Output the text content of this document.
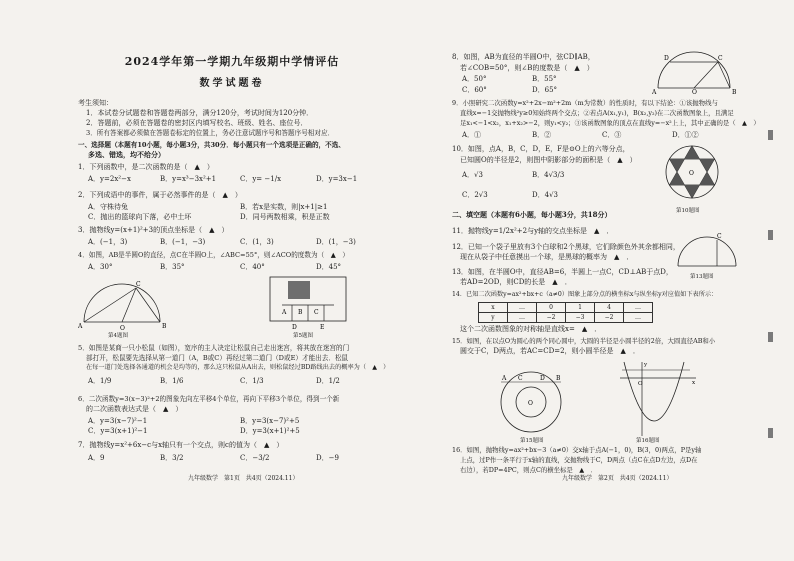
2024学年第一学期九年级期中学情评估
数学试题卷
考生须知：
1．本试卷分试题卷和答题卷两部分，满分120分，考试时间为120分钟．
2．答题前，必须在答题卷的密封区内填写校名、班级、姓名、座位号．
3．所有答案都必须做在答题卷标定的位置上，务必注意试题序号和答题序号相对应．
一、选择题（本题有10小题，每小题3分，共30分．每小题只有一个选项是正确的，不选、
多选、错选，均不给分）
1．下列函数中，是二次函数的是（　▲　）
A．y=2x²−x	B．y=x³−3x²+1	C．y= −1/x	D．y=3x−1
2．下列成语中的事件，属于必然事件的是（　▲　）
A．守株待兔	B．若x是实数，则|x+1|≥1
C．抛出的篮球向下落，必中土坏	D．同号两数相乘，积是正数
3．抛物线y=(x+1)²+3的顶点坐标是（　▲　）
A．(−1，3)	B．(−1，−3)	C．(1，3)	D．(1，−3)
4．如图，AB是半圆O的直径，点C在半圆O上，∠ABC=55°，则∠ACO的度数为（　▲　）
A．30°	B．35°	C．40°	D．45°
A	O	B
C
第4题图
A B C
D	E
第5题图
5．如图是某商一只小松鼠（如图），宽序的主人决定让松鼠自己走出迷宫，将其放在迷宫的门
部打开，松鼠要先选择从第一道门（A，B或C）再经过第二道门（D或E）才能出去．松鼠
在每一道门处选择各通道的机会是均等的，那么这只松鼠从A出去，则松鼠经过BD路线出去的概率为（　▲　）
A．1/9	B．1/6	C．1/3	D．1/2
6．二次函数y=3(x−3)²+2的图象先向左平移4个单位，再向下平移3个单位，得到一个新
的二次函数表达式是（　▲　）
A．y=3(x−7)²−1	B．y=3(x−7)²+5
C．y=3(x+1)²−1	D．y=3(x+1)²+5
7．抛物线y=x²+6x−c与x轴只有一个交点，则c的值为（　▲　）
A．9	B．3/2	C．−3/2	D．−9
九年级数学　第1页　共4页（2024.11）
8．如图，AB为直径的半圆O中，弦CD∥AB，
若∠COB=50°，则∠B的度数是（　▲　）
A．50°	B．55°
C．60°	D．65°
D	C
A	O	B
9．小照研究二次函数y=x²+2x−m²+2m（m为常数）的性质时，有以下结论：①该抛物线与
直线x=−1交抛物线²y≥0知始终两个交点；②若点A(x₁,y₁)，B(x₂,y₂)在二次函数图象上，且满足
足x₁<−1<x₂，x₁+x₂>−2，则y₁<y₂；③该函数图象的顶点在直线y=−x²上上，其中正确的是（　▲　）
A．①	B．②	C．③	D．①②
10．如图，点A，B，C，D，E，F是⊙O上的六等分点，
已知圆O的半径是2，则图中阴影部分的面积是（　▲　）
A．√3	B．4√3/3
C．2√3	D．4√3
O
第10题图
二、填空题（本题有6小题，每小题3分，共18分）
11．抛物线y=1/2x²+2与y轴的交点坐标是　▲　．
12．已知一个袋子里放有3个白球和2个黑球，它们除颜色外其余都相同，
现在从袋子中任意摸出一个球，是黑球的概率为　▲　．
C
第13题图
13．如图，在半圆O中，直径AB=6，半圆上一点C，CD⊥AB于点D，
若AD=2OD，则CD的长是　▲　．
14．已知二次函数y=ax²+bx+c（a≠0）图象上部分点的横坐标x与纵坐标y对应值如下表所示：
x	…	0	1	4	…
y	…	−2	−3	−2	…
这个二次函数图象的对称轴是直线x=　▲　．
15．如图，在以点O为圆心的两个同心圆中，大圆的半径是小圆半径的2倍，大圆直径AB和小
圆交于C，D两点，若AC=CD=2，则小圆半径是　▲　．
A C	D B
O
第15题图
O	x
y
第16题图
16．如图，抛物线y=ax²+bx−3（a≠0）交x轴于点A(−1，0)，B(3，0)两点，P是y轴
上点，过P作一条平行于x轴的直线，交抛物线于C，D两点（点C在点D左边，点D在
右边），若DP=4PC，则点C的横坐标是　▲　．
九年级数学　第2页　共4页（2024.11）
